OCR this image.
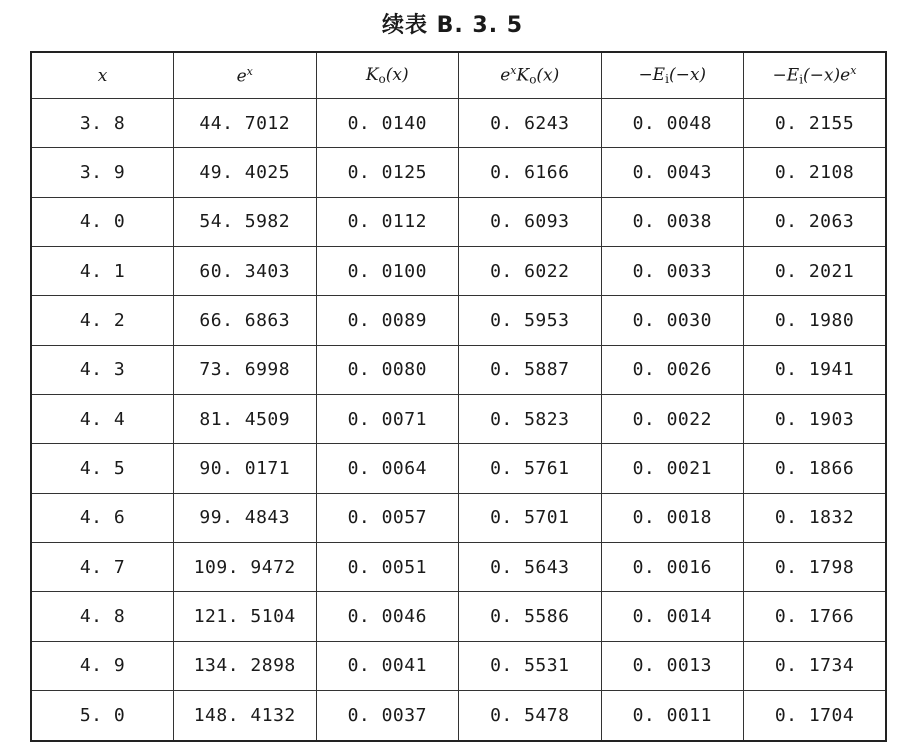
续表 B. 3. 5
x	$e^x$	$K_o(x)$	$e^xK_o(x)$	$-E_i(-x)$	$-E_i(-x)e^x$
3. 8	44. 7012	0. 0140	0. 6243	0. 0048	0. 2155
3. 9	49. 4025	0. 0125	0. 6166	0. 0043	0. 2108
4. 0	54. 5982	0. 0112	0. 6093	0. 0038	0. 2063
4. 1	60. 3403	0. 0100	0. 6022	0. 0033	0. 2021
4. 2	66. 6863	0. 0089	0. 5953	0. 0030	0. 1980
4. 3	73. 6998	0. 0080	0. 5887	0. 0026	0. 1941
4. 4	81. 4509	0. 0071	0. 5823	0. 0022	0. 1903
4. 5	90. 0171	0. 0064	0. 5761	0. 0021	0. 1866
4. 6	99. 4843	0. 0057	0. 5701	0. 0018	0. 1832
4. 7	109. 9472	0. 0051	0. 5643	0. 0016	0. 1798
4. 8	121. 5104	0. 0046	0. 5586	0. 0014	0. 1766
4. 9	134. 2898	0. 0041	0. 5531	0. 0013	0. 1734
5. 0	148. 4132	0. 0037	0. 5478	0. 0011	0. 1704
